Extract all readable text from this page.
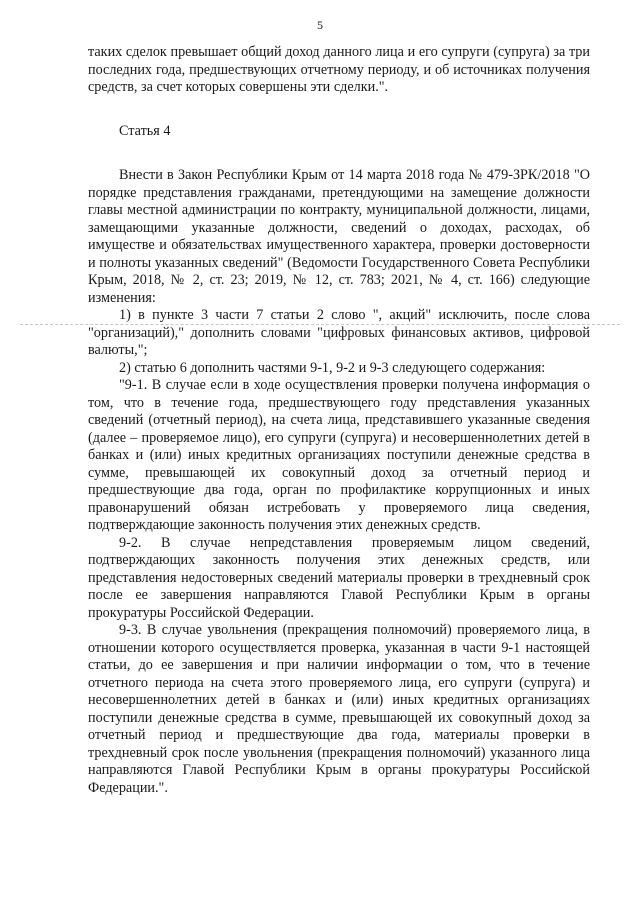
5

таких сделок превышает общий доход данного лица и его супруги (супруга) за три последних года, предшествующих отчетному периоду, и об источниках получения средств, за счет которых совершены эти сделки.".

Статья 4

Внести в Закон Республики Крым от 14 марта 2018 года № 479-ЗРК/2018 "О порядке представления гражданами, претендующими на замещение должности главы местной администрации по контракту, муниципальной должности, лицами, замещающими указанные должности, сведений о доходах, расходах, об имуществе и обязательствах имущественного характера, проверки достоверности и полноты указанных сведений" (Ведомости Государственного Совета Республики Крым, 2018, № 2, ст. 23; 2019, № 12, ст. 783; 2021, № 4, ст. 166) следующие изменения:

1) в пункте 3 части 7 статьи 2 слово ", акций" исключить, после слова "организаций)," дополнить словами "цифровых финансовых активов, цифровой валюты,";

2) статью 6 дополнить частями 9-1, 9-2 и 9-3 следующего содержания:

"9-1. В случае если в ходе осуществления проверки получена информация о том, что в течение года, предшествующего году представления указанных сведений (отчетный период), на счета лица, представившего указанные сведения (далее – проверяемое лицо), его супруги (супруга) и несовершеннолетних детей в банках и (или) иных кредитных организациях поступили денежные средства в сумме, превышающей их совокупный доход за отчетный период и предшествующие два года, орган по профилактике коррупционных и иных правонарушений обязан истребовать у проверяемого лица сведения, подтверждающие законность получения этих денежных средств.

9-2. В случае непредставления проверяемым лицом сведений, подтверждающих законность получения этих денежных средств, или представления недостоверных сведений материалы проверки в трехдневный срок после ее завершения направляются Главой Республики Крым в органы прокуратуры Российской Федерации.

9-3. В случае увольнения (прекращения полномочий) проверяемого лица, в отношении которого осуществляется проверка, указанная в части 9-1 настоящей статьи, до ее завершения и при наличии информации о том, что в течение отчетного периода на счета этого проверяемого лица, его супруги (супруга) и несовершеннолетних детей в банках и (или) иных кредитных организациях поступили денежные средства в сумме, превышающей их совокупный доход за отчетный период и предшествующие два года, материалы проверки в трехдневный срок после увольнения (прекращения полномочий) указанного лица направляются Главой Республики Крым в органы прокуратуры Российской Федерации.".
